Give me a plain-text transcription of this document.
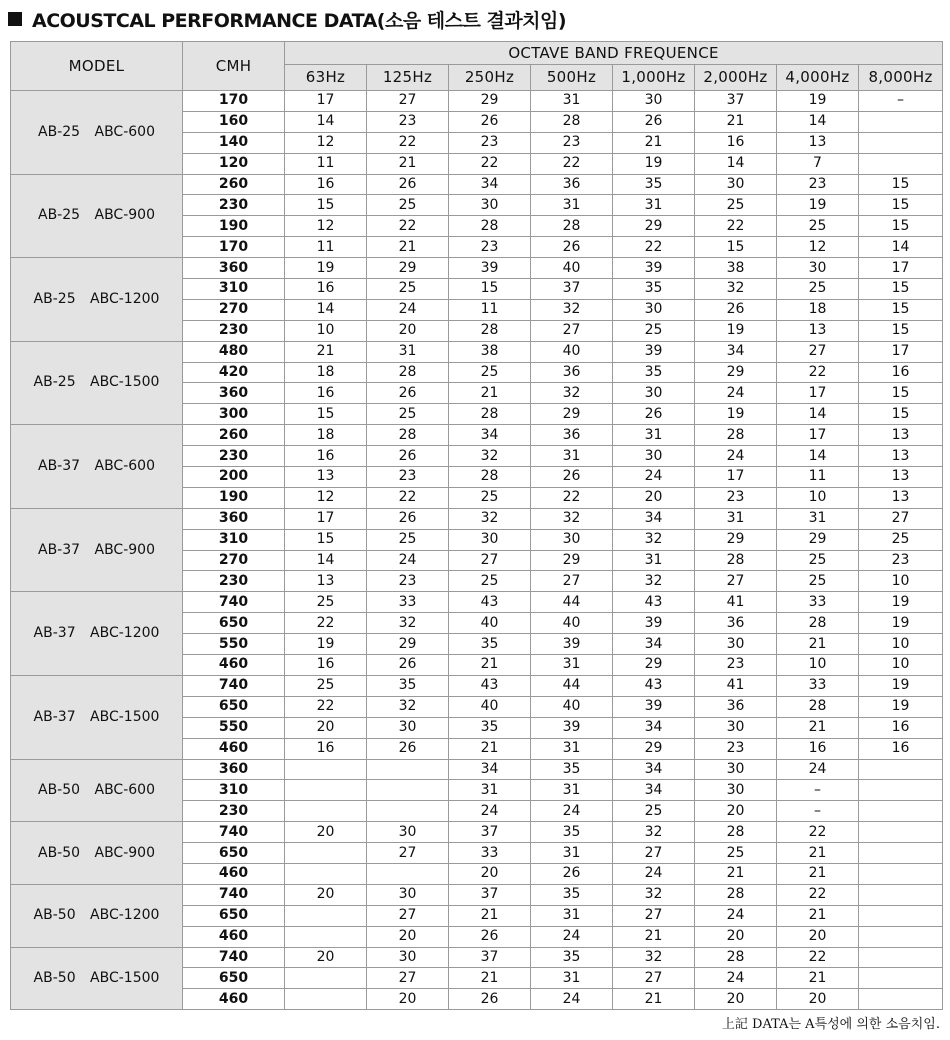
ACOUSTCAL PERFORMANCE DATA(소음 테스트 결과치임)
MODEL	CMH	OCTAVE BAND FREQUENCE							
		63Hz	125Hz	250Hz	500Hz	1,000Hz	2,000Hz	4,000Hz	8,000Hz
AB-25 ABC-600	170	17	27	29	31	30	37	19	–
	160	14	23	26	28	26	21	14	
	140	12	22	23	23	21	16	13	
	120	11	21	22	22	19	14	7	
AB-25 ABC-900	260	16	26	34	36	35	30	23	15
	230	15	25	30	31	31	25	19	15
	190	12	22	28	28	29	22	25	15
	170	11	21	23	26	22	15	12	14
AB-25 ABC-1200	360	19	29	39	40	39	38	30	17
	310	16	25	15	37	35	32	25	15
	270	14	24	11	32	30	26	18	15
	230	10	20	28	27	25	19	13	15
AB-25 ABC-1500	480	21	31	38	40	39	34	27	17
	420	18	28	25	36	35	29	22	16
	360	16	26	21	32	30	24	17	15
	300	15	25	28	29	26	19	14	15
AB-37 ABC-600	260	18	28	34	36	31	28	17	13
	230	16	26	32	31	30	24	14	13
	200	13	23	28	26	24	17	11	13
	190	12	22	25	22	20	23	10	13
AB-37 ABC-900	360	17	26	32	32	34	31	31	27
	310	15	25	30	30	32	29	29	25
	270	14	24	27	29	31	28	25	23
	230	13	23	25	27	32	27	25	10
AB-37 ABC-1200	740	25	33	43	44	43	41	33	19
	650	22	32	40	40	39	36	28	19
	550	19	29	35	39	34	30	21	10
	460	16	26	21	31	29	23	10	10
AB-37 ABC-1500	740	25	35	43	44	43	41	33	19
	650	22	32	40	40	39	36	28	19
	550	20	30	35	39	34	30	21	16
	460	16	26	21	31	29	23	16	16
AB-50 ABC-600	360			34	35	34	30	24	
	310			31	31	34	30	–	
	230			24	24	25	20	–	
AB-50 ABC-900	740	20	30	37	35	32	28	22	
	650		27	33	31	27	25	21	
	460			20	26	24	21	21	
AB-50 ABC-1200	740	20	30	37	35	32	28	22	
	650		27	21	31	27	24	21	
	460		20	26	24	21	20	20	
AB-50 ABC-1500	740	20	30	37	35	32	28	22	
	650		27	21	31	27	24	21	
	460		20	26	24	21	20	20	
上記 DATA는 A특성에 의한 소음치임.
